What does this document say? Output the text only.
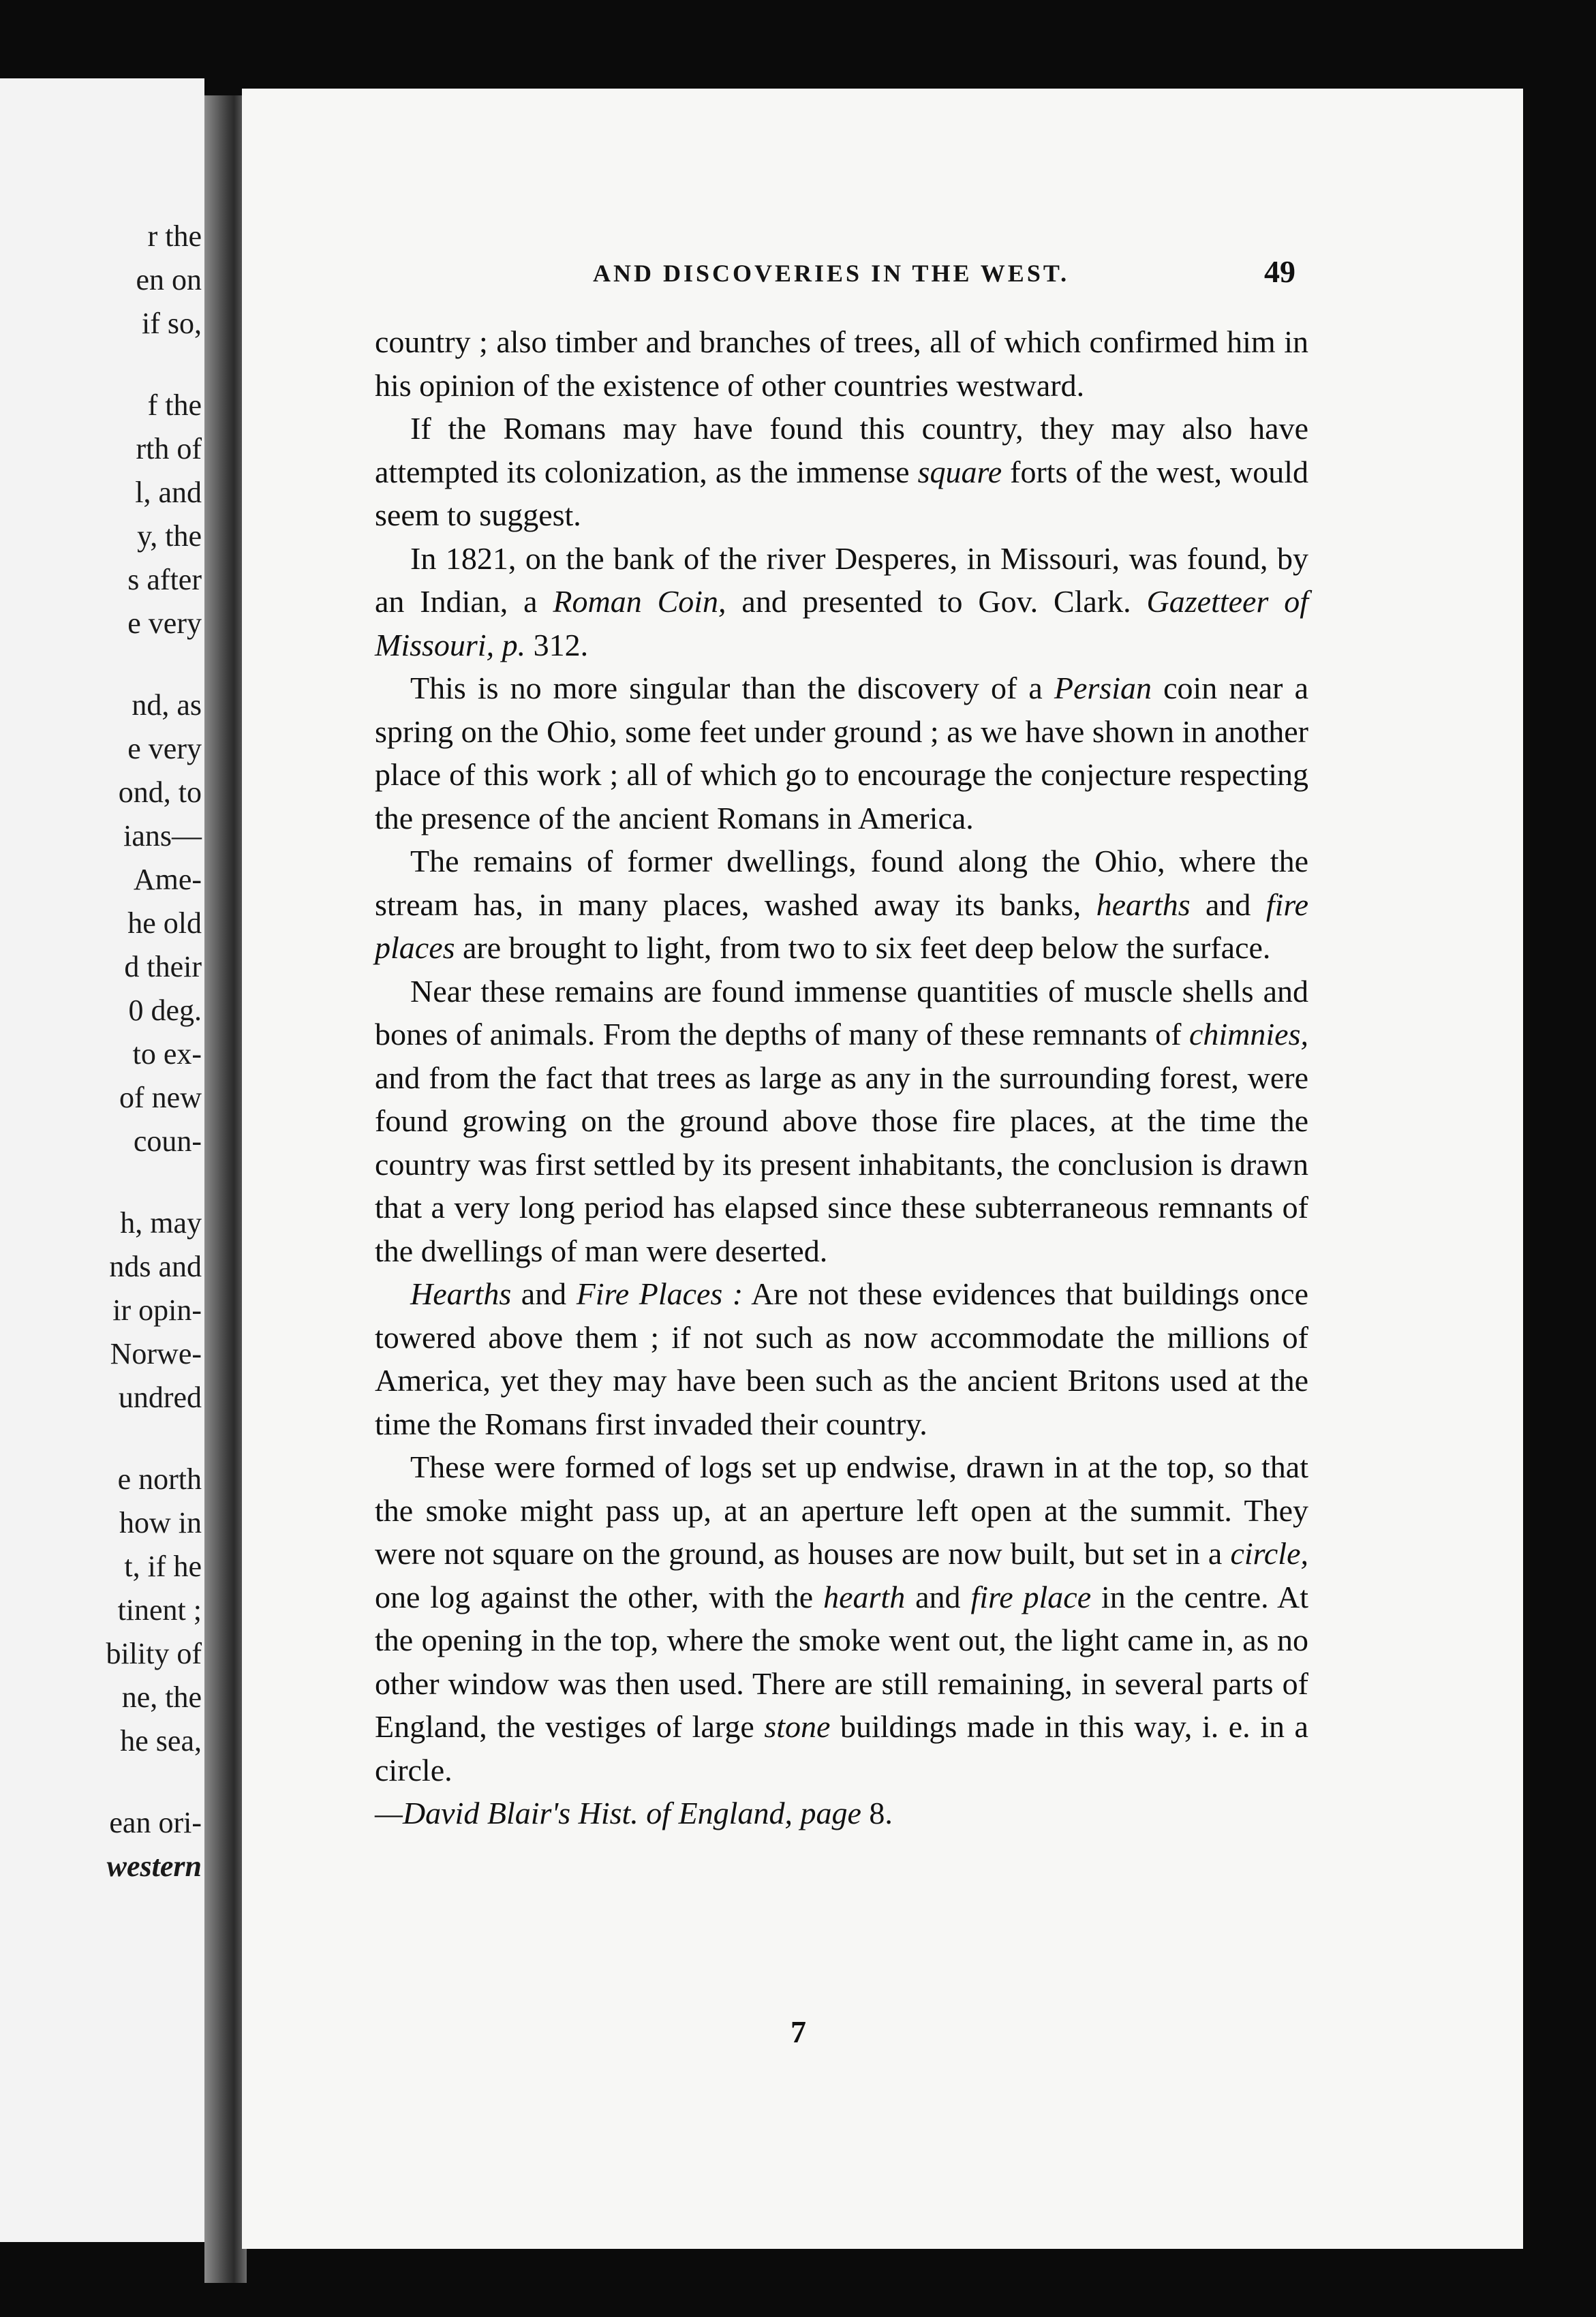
r the
en on
if so,
f the
rth of
l, and
y, the
s after
e very
nd, as
e very
ond, to
ians—
Ame-
he old
d their
0 deg.
to ex-
of new
coun-
h, may
nds and
ir opin-
Norwe-
undred
e north
how in
t, if he
tinent ;
bility of
ne, the
he sea,
ean ori-
western
AND DISCOVERIES IN THE WEST.	49

country ; also timber and branches of trees, all of which confirmed him in his opinion of the existence of other countries westward.

If the Romans may have found this country, they may also have attempted its colonization, as the immense square forts of the west, would seem to suggest.

In 1821, on the bank of the river Desperes, in Missouri, was found, by an Indian, a Roman Coin, and presented to Gov. Clark. Gazetteer of Missouri, p. 312.

This is no more singular than the discovery of a Persian coin near a spring on the Ohio, some feet under ground ; as we have shown in another place of this work ; all of which go to encourage the conjecture respecting the presence of the ancient Romans in America.

The remains of former dwellings, found along the Ohio, where the stream has, in many places, washed away its banks, hearths and fire places are brought to light, from two to six feet deep below the surface.

Near these remains are found immense quantities of muscle shells and bones of animals. From the depths of many of these remnants of chimnies, and from the fact that trees as large as any in the surrounding forest, were found growing on the ground above those fire places, at the time the country was first settled by its present inhabitants, the conclusion is drawn that a very long period has elapsed since these subterraneous remnants of the dwellings of man were deserted.

Hearths and Fire Places : Are not these evidences that buildings once towered above them ; if not such as now accommodate the millions of America, yet they may have been such as the ancient Britons used at the time the Romans first invaded their country.

These were formed of logs set up endwise, drawn in at the top, so that the smoke might pass up, at an aperture left open at the summit. They were not square on the ground, as houses are now built, but set in a circle, one log against the other, with the hearth and fire place in the centre. At the opening in the top, where the smoke went out, the light came in, as no other window was then used. There are still remaining, in several parts of England, the vestiges of large stone buildings made in this way, i. e. in a circle.
—David Blair's Hist. of England, page 8.

7
